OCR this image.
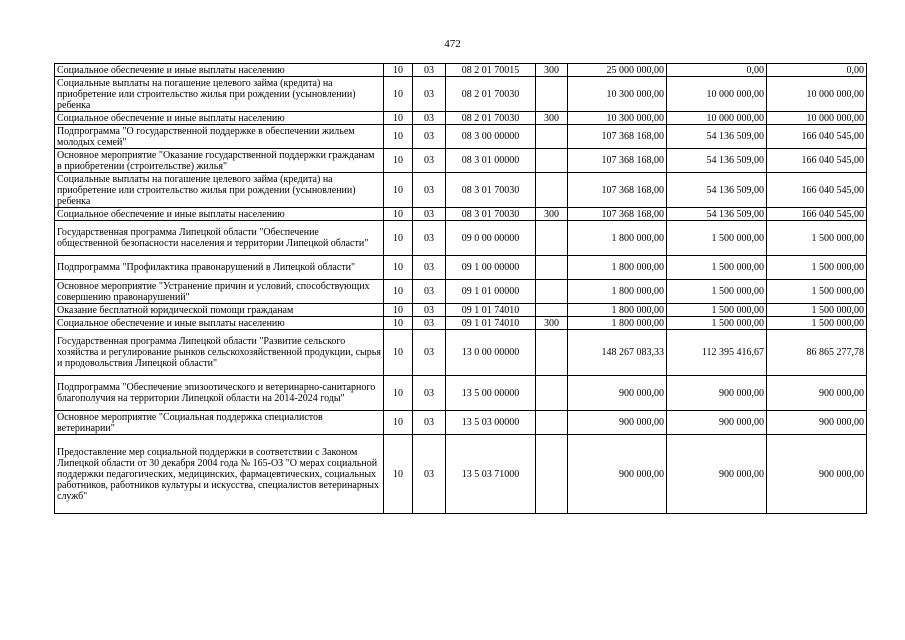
472
Социальное обеспечение и иные выплаты населению	10	03	08 2 01 70015	300	25 000 000,00	0,00	0,00
Социальные выплаты на погашение целевого займа (кредита) на приобретение или строительство жилья при рождении (усыновлении) ребенка	10	03	08 2 01 70030		10 300 000,00	10 000 000,00	10 000 000,00
Социальное обеспечение и иные выплаты населению	10	03	08 2 01 70030	300	10 300 000,00	10 000 000,00	10 000 000,00
Подпрограмма "О государственной поддержке в обеспечении жильем молодых семей"	10	03	08 3 00 00000		107 368 168,00	54 136 509,00	166 040 545,00
Основное мероприятие "Оказание государственной поддержки гражданам в приобретении (строительстве) жилья"	10	03	08 3 01 00000		107 368 168,00	54 136 509,00	166 040 545,00
Социальные выплаты на погашение целевого займа (кредита) на приобретение или строительство жилья при рождении (усыновлении) ребенка	10	03	08 3 01 70030		107 368 168,00	54 136 509,00	166 040 545,00
Социальное обеспечение и иные выплаты населению	10	03	08 3 01 70030	300	107 368 168,00	54 136 509,00	166 040 545,00
Государственная программа Липецкой области "Обеспечение общественной безопасности населения и территории Липецкой области"	10	03	09 0 00 00000		1 800 000,00	1 500 000,00	1 500 000,00
Подпрограмма "Профилактика правонарушений в Липецкой области"	10	03	09 1 00 00000		1 800 000,00	1 500 000,00	1 500 000,00
Основное мероприятие "Устранение причин и условий, способствующих совершению правонарушений"	10	03	09 1 01 00000		1 800 000,00	1 500 000,00	1 500 000,00
Оказание бесплатной юридической помощи гражданам	10	03	09 1 01 74010		1 800 000,00	1 500 000,00	1 500 000,00
Социальное обеспечение и иные выплаты населению	10	03	09 1 01 74010	300	1 800 000,00	1 500 000,00	1 500 000,00
Государственная программа Липецкой области "Развитие сельского хозяйства и регулирование рынков сельскохозяйственной продукции, сырья и продовольствия Липецкой области"	10	03	13 0 00 00000		148 267 083,33	112 395 416,67	86 865 277,78
Подпрограмма "Обеспечение эпизоотического и ветеринарно-санитарного благополучия на территории Липецкой области на 2014-2024 годы"	10	03	13 5 00 00000		900 000,00	900 000,00	900 000,00
Основное мероприятие "Социальная поддержка специалистов ветеринарии"	10	03	13 5 03 00000		900 000,00	900 000,00	900 000,00
Предоставление мер социальной поддержки в соответствии с Законом Липецкой области от 30 декабря 2004 года № 165-ОЗ "О мерах социальной поддержки педагогических, медицинских, фармацевтических, социальных работников, работников культуры и искусства, специалистов ветеринарных служб"	10	03	13 5 03 71000		900 000,00	900 000,00	900 000,00
